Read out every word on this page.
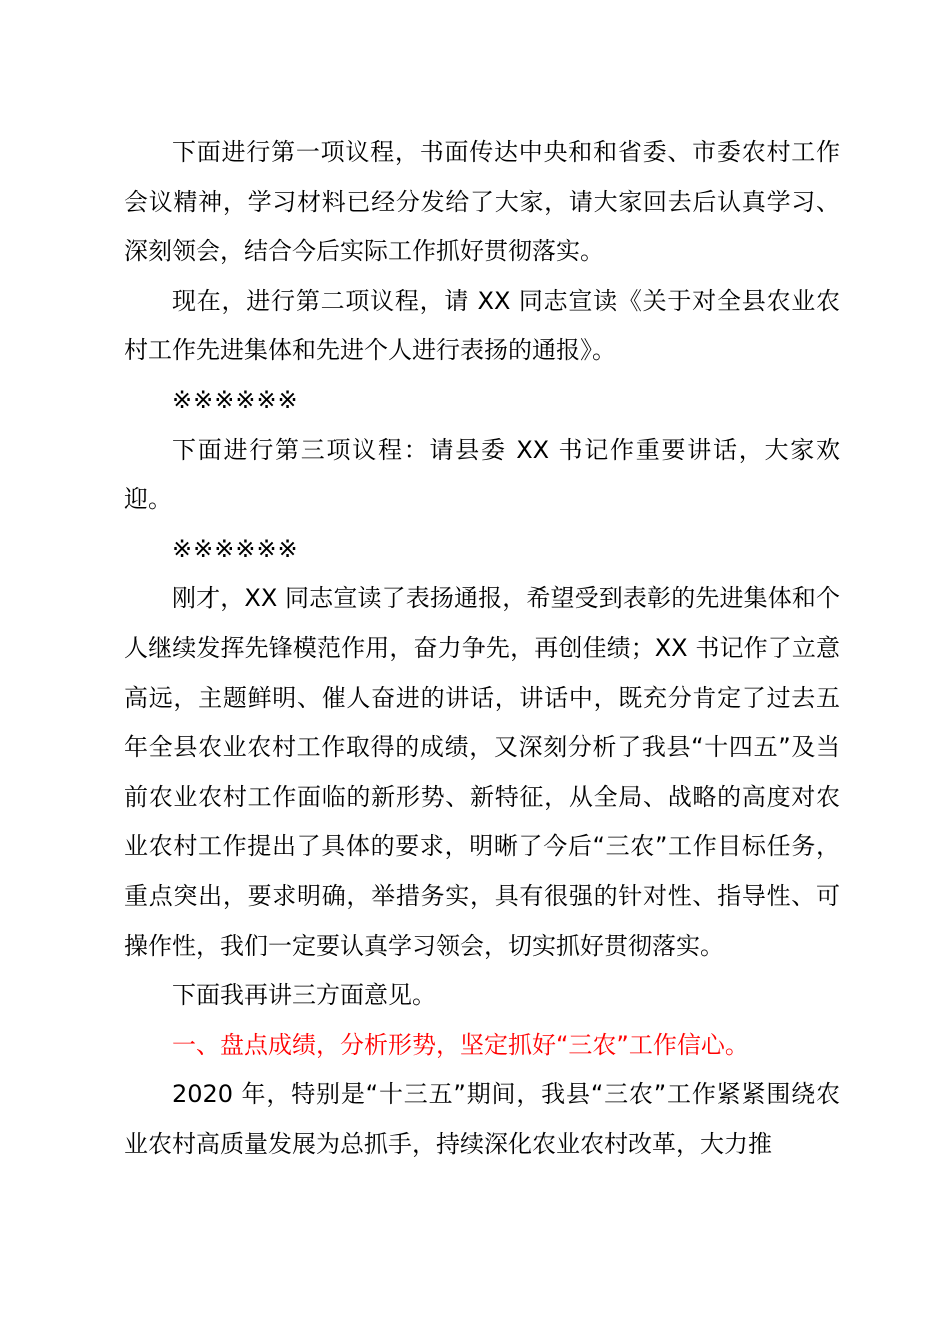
下面进行第一项议程，书面传达中央和和省委、市委农村工作会议精神，学习材料已经分发给了大家，请大家回去后认真学习、深刻领会，结合今后实际工作抓好贯彻落实。

现在，进行第二项议程，请 XX 同志宣读《关于对全县农业农村工作先进集体和先进个人进行表扬的通报》。

※※※※※※

下面进行第三项议程：请县委 XX 书记作重要讲话，大家欢迎。

※※※※※※

刚才，XX 同志宣读了表扬通报，希望受到表彰的先进集体和个人继续发挥先锋模范作用，奋力争先，再创佳绩；XX 书记作了立意高远，主题鲜明、催人奋进的讲话，讲话中，既充分肯定了过去五年全县农业农村工作取得的成绩，又深刻分析了我县“十四五”及当前农业农村工作面临的新形势、新特征，从全局、战略的高度对农业农村工作提出了具体的要求，明晰了今后“三农”工作目标任务，重点突出，要求明确，举措务实，具有很强的针对性、指导性、可操作性，我们一定要认真学习领会，切实抓好贯彻落实。

下面我再讲三方面意见。

一、盘点成绩，分析形势，坚定抓好“三农”工作信心。

2020 年，特别是“十三五”期间，我县“三农”工作紧紧围绕农业农村高质量发展为总抓手，持续深化农业农村改革，大力推
